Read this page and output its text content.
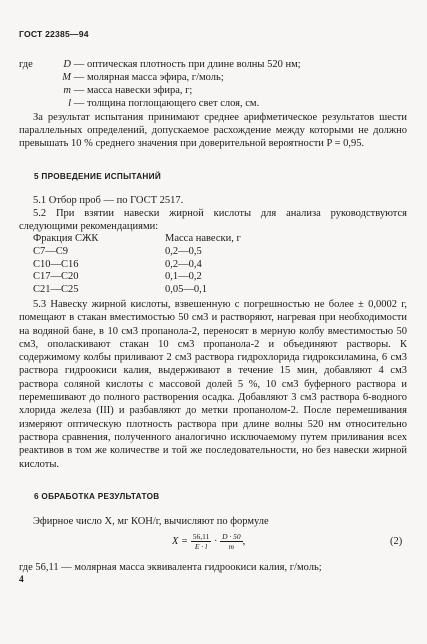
ГОСТ 22385—94
где	D — оптическая плотность при длине волны 520 нм;
M — молярная масса эфира, г/моль;
m — масса навески эфира, г;
l — толщина поглощающего свет слоя, см.
За результат испытания принимают среднее арифметическое результатов шести параллельных определений, допускаемое расхождение между которыми не должно превышать 10 % среднего значения при доверительной вероятности P = 0,95.
5 ПРОВЕДЕНИЕ ИСПЫТАНИЙ
5.1 Отбор проб — по ГОСТ 2517.
5.2 При взятии навески жирной кислоты для анализа руководствуются следующими рекомендациями:
Фракция СЖК	Масса навески, г
С7—С9	0,2—0,5
С10—С16	0,2—0,4
С17—С20	0,1—0,2
С21—С25	0,05—0,1
5.3 Навеску жирной кислоты, взвешенную с погрешностью не более ± 0,0002 г, помещают в стакан вместимостью 50 см3 и растворяют, нагревая при необходимости на водяной бане, в 10 см3 пропанола-2, переносят в мерную колбу вместимостью 50 см3, ополаскивают стакан 10 см3 пропанола-2 и объединяют растворы. К содержимому колбы приливают 2 см3 раствора гидрохлорида гидроксиламина, 6 см3 раствора гидроокиси калия, выдерживают в течение 15 мин, добавляют 4 см3 раствора соляной кислоты с массовой долей 5 %, 10 см3 буферного раствора и перемешивают до полного растворения осадка. Добавляют 3 см3 раствора 6-водного хлорида железа (III) и разбавляют до метки пропанолом-2. После перемешивания измеряют оптическую плотность раствора при длине волны 520 нм относительно раствора сравнения, полученного аналогично исключаемому путем приливания всех реактивов в том же количестве и той же последовательности, но без навески жирной кислоты.
6 ОБРАБОТКА РЕЗУЛЬТАТОВ
Эфирное число X, мг КОН/г, вычисляют по формуле
$X = \frac{56,11}{E \cdot l} \cdot \frac{D \cdot 50}{m}$ ,	(2)
где 56,11 — молярная масса эквивалента гидроокиси калия, г/моль;
4
